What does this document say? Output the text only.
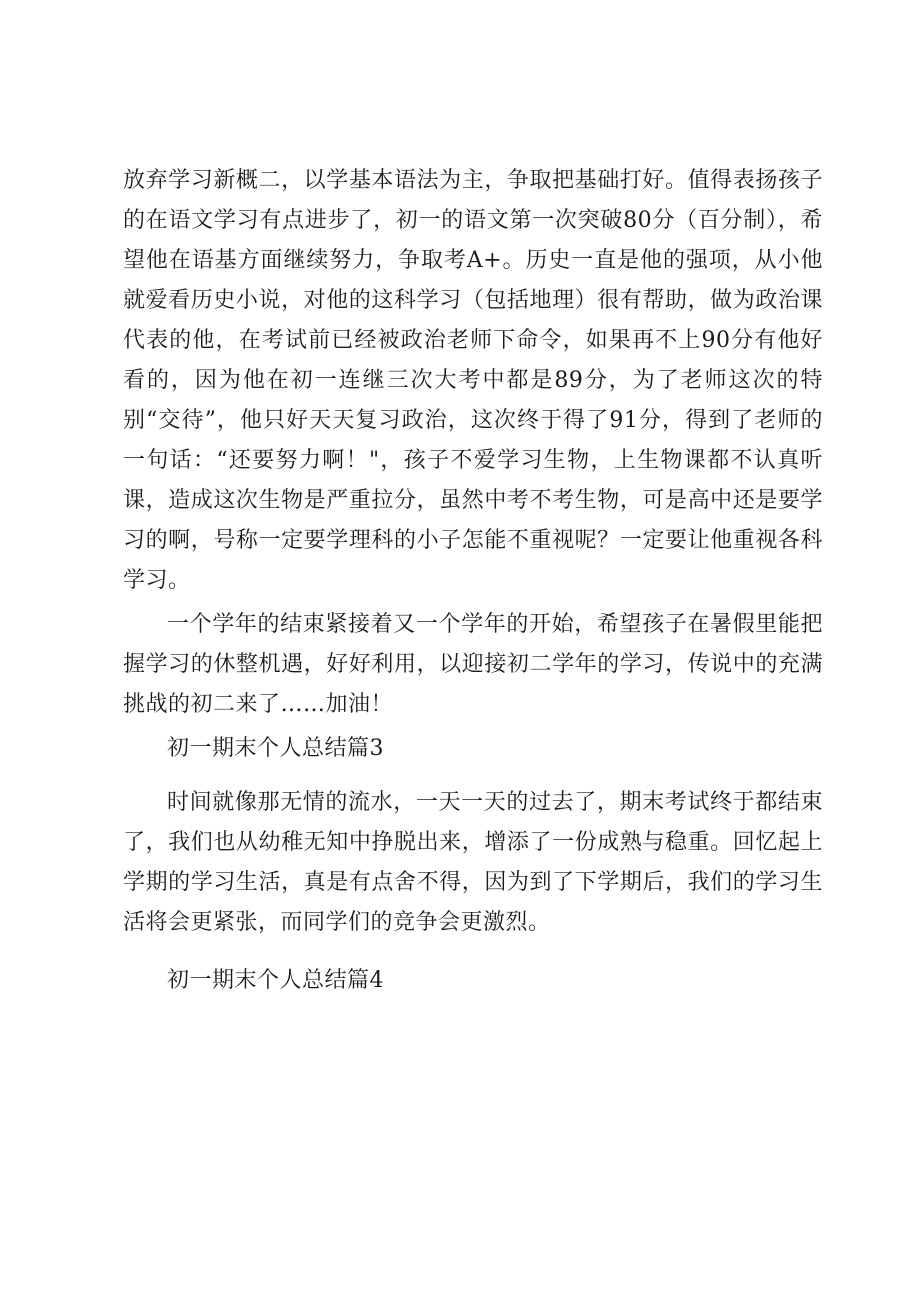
放弃学习新概二，以学基本语法为主，争取把基础打好。值得表扬孩子的在语文学习有点进步了，初一的语文第一次突破80分（百分制），希望他在语基方面继续努力，争取考A+。历史一直是他的强项，从小他就爱看历史小说，对他的这科学习（包括地理）很有帮助，做为政治课代表的他，在考试前已经被政治老师下命令，如果再不上90分有他好看的，因为他在初一连继三次大考中都是89分，为了老师这次的特别“交待”，他只好天天复习政治，这次终于得了91分，得到了老师的一句话：“还要努力啊！"，孩子不爱学习生物，上生物课都不认真听课，造成这次生物是严重拉分，虽然中考不考生物，可是高中还是要学习的啊，号称一定要学理科的小子怎能不重视呢？一定要让他重视各科学习。

一个学年的结束紧接着又一个学年的开始，希望孩子在暑假里能把握学习的休整机遇，好好利用，以迎接初二学年的学习，传说中的充满挑战的初二来了……加油！

初一期末个人总结篇3

时间就像那无情的流水，一天一天的过去了，期末考试终于都结束了，我们也从幼稚无知中挣脱出来，增添了一份成熟与稳重。回忆起上学期的学习生活，真是有点舍不得，因为到了下学期后，我们的学习生活将会更紧张，而同学们的竞争会更激烈。

初一期末个人总结篇4
